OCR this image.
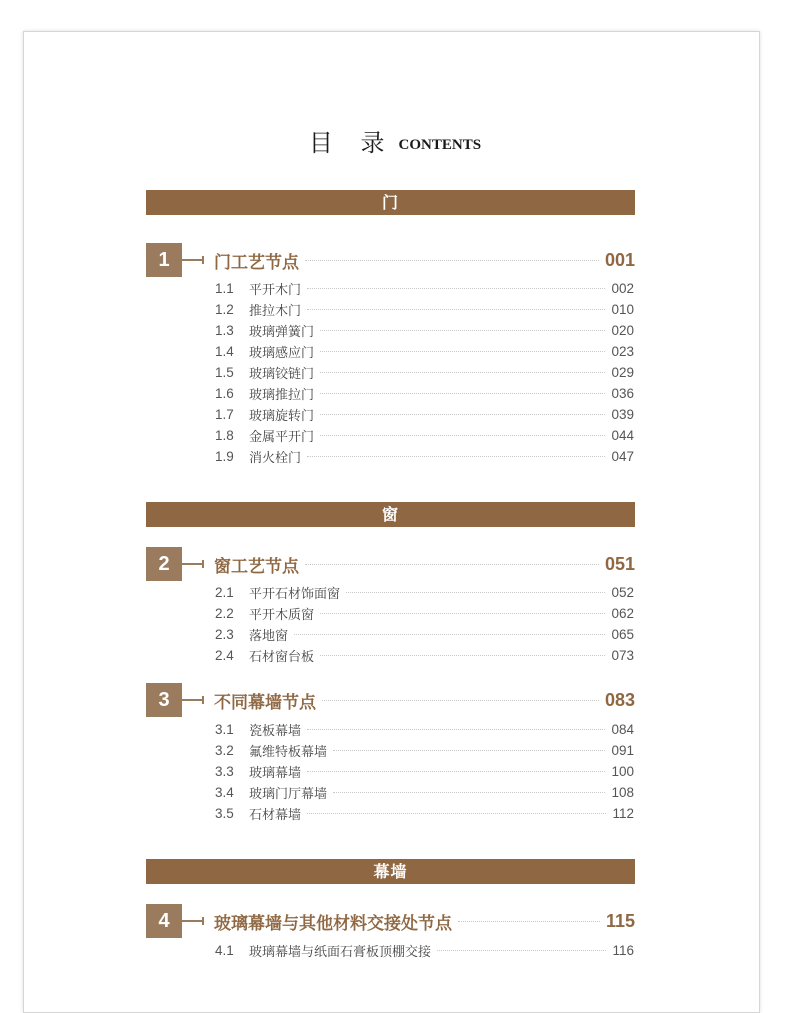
目 录 CONTENTS
门
1	门工艺节点	001
1.1	平开木门	002
1.2	推拉木门	010
1.3	玻璃弹簧门	020
1.4	玻璃感应门	023
1.5	玻璃铰链门	029
1.6	玻璃推拉门	036
1.7	玻璃旋转门	039
1.8	金属平开门	044
1.9	消火栓门	047
窗
2	窗工艺节点	051
2.1	平开石材饰面窗	052
2.2	平开木质窗	062
2.3	落地窗	065
2.4	石材窗台板	073
3	不同幕墙节点	083
3.1	瓷板幕墙	084
3.2	氟维特板幕墙	091
3.3	玻璃幕墙	100
3.4	玻璃门厅幕墙	108
3.5	石材幕墙	112
幕墙
4	玻璃幕墙与其他材料交接处节点	115
4.1	玻璃幕墙与纸面石膏板顶棚交接	116
